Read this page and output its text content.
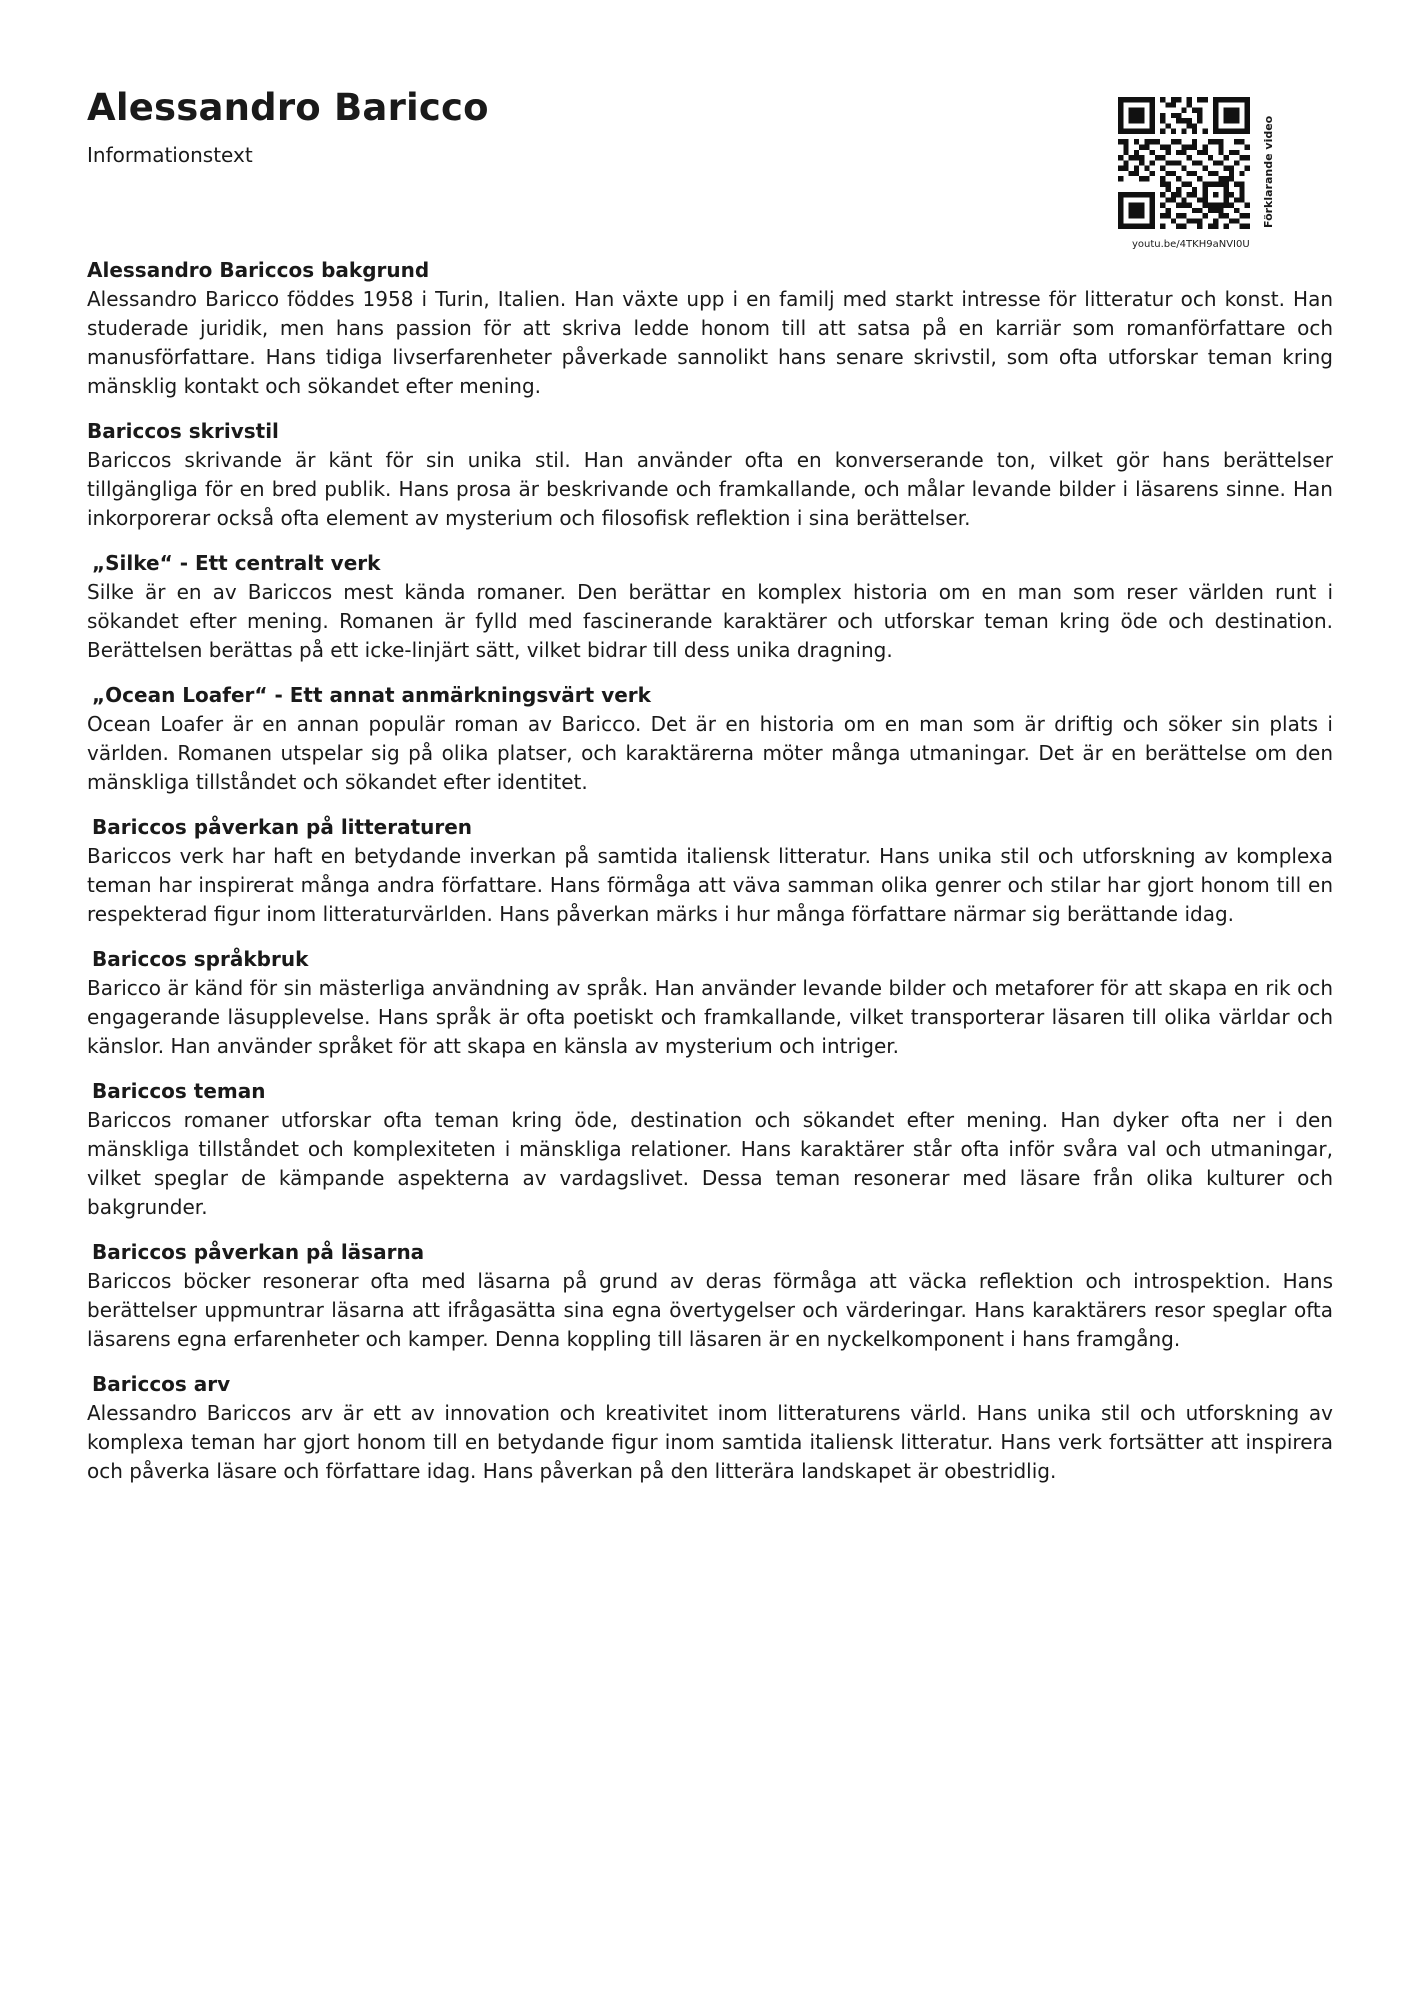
Alessandro Baricco

Informationstext	Förklarande video
youtu.be/4TKH9aNVI0U
Alessandro Bariccos bakgrund

Alessandro Baricco föddes 1958 i Turin, Italien. Han växte upp i en familj med starkt intresse för litteratur och konst. Han studerade juridik, men hans passion för att skriva ledde honom till att satsa på en karriär som romanförfattare och manusförfattare. Hans tidiga livserfarenheter påverkade sannolikt hans senare skrivstil, som ofta utforskar teman kring mänsklig kontakt och sökandet efter mening.

Bariccos skrivstil

Bariccos skrivande är känt för sin unika stil. Han använder ofta en konverserande ton, vilket gör hans berättelser tillgängliga för en bred publik. Hans prosa är beskrivande och framkallande, och målar levande bilder i läsarens sinne. Han inkorporerar också ofta element av mysterium och filosofisk reflektion i sina berättelser.

„Silke“ - Ett centralt verk

Silke är en av Bariccos mest kända romaner. Den berättar en komplex historia om en man som reser världen runt i sökandet efter mening. Romanen är fylld med fascinerande karaktärer och utforskar teman kring öde och destination. Berättelsen berättas på ett icke-linjärt sätt, vilket bidrar till dess unika dragning.

„Ocean Loafer“ - Ett annat anmärkningsvärt verk

Ocean Loafer är en annan populär roman av Baricco. Det är en historia om en man som är driftig och söker sin plats i världen. Romanen utspelar sig på olika platser, och karaktärerna möter många utmaningar. Det är en berättelse om den mänskliga tillståndet och sökandet efter identitet.

Bariccos påverkan på litteraturen

Bariccos verk har haft en betydande inverkan på samtida italiensk litteratur. Hans unika stil och utforskning av komplexa teman har inspirerat många andra författare. Hans förmåga att väva samman olika genrer och stilar har gjort honom till en respekterad figur inom litteraturvärlden. Hans påverkan märks i hur många författare närmar sig berättande idag.

Bariccos språkbruk

Baricco är känd för sin mästerliga användning av språk. Han använder levande bilder och metaforer för att skapa en rik och engagerande läsupplevelse. Hans språk är ofta poetiskt och framkallande, vilket transporterar läsaren till olika världar och känslor. Han använder språket för att skapa en känsla av mysterium och intriger.

Bariccos teman

Bariccos romaner utforskar ofta teman kring öde, destination och sökandet efter mening. Han dyker ofta ner i den mänskliga tillståndet och komplexiteten i mänskliga relationer. Hans karaktärer står ofta inför svåra val och utmaningar, vilket speglar de kämpande aspekterna av vardagslivet. Dessa teman resonerar med läsare från olika kulturer och bakgrunder.

Bariccos påverkan på läsarna

Bariccos böcker resonerar ofta med läsarna på grund av deras förmåga att väcka reflektion och introspektion. Hans berättelser uppmuntrar läsarna att ifrågasätta sina egna övertygelser och värderingar. Hans karaktärers resor speglar ofta läsarens egna erfarenheter och kamper. Denna koppling till läsaren är en nyckelkomponent i hans framgång.

Bariccos arv

Alessandro Bariccos arv är ett av innovation och kreativitet inom litteraturens värld. Hans unika stil och utforskning av komplexa teman har gjort honom till en betydande figur inom samtida italiensk litteratur. Hans verk fortsätter att inspirera och påverka läsare och författare idag. Hans påverkan på den litterära landskapet är obestridlig.
